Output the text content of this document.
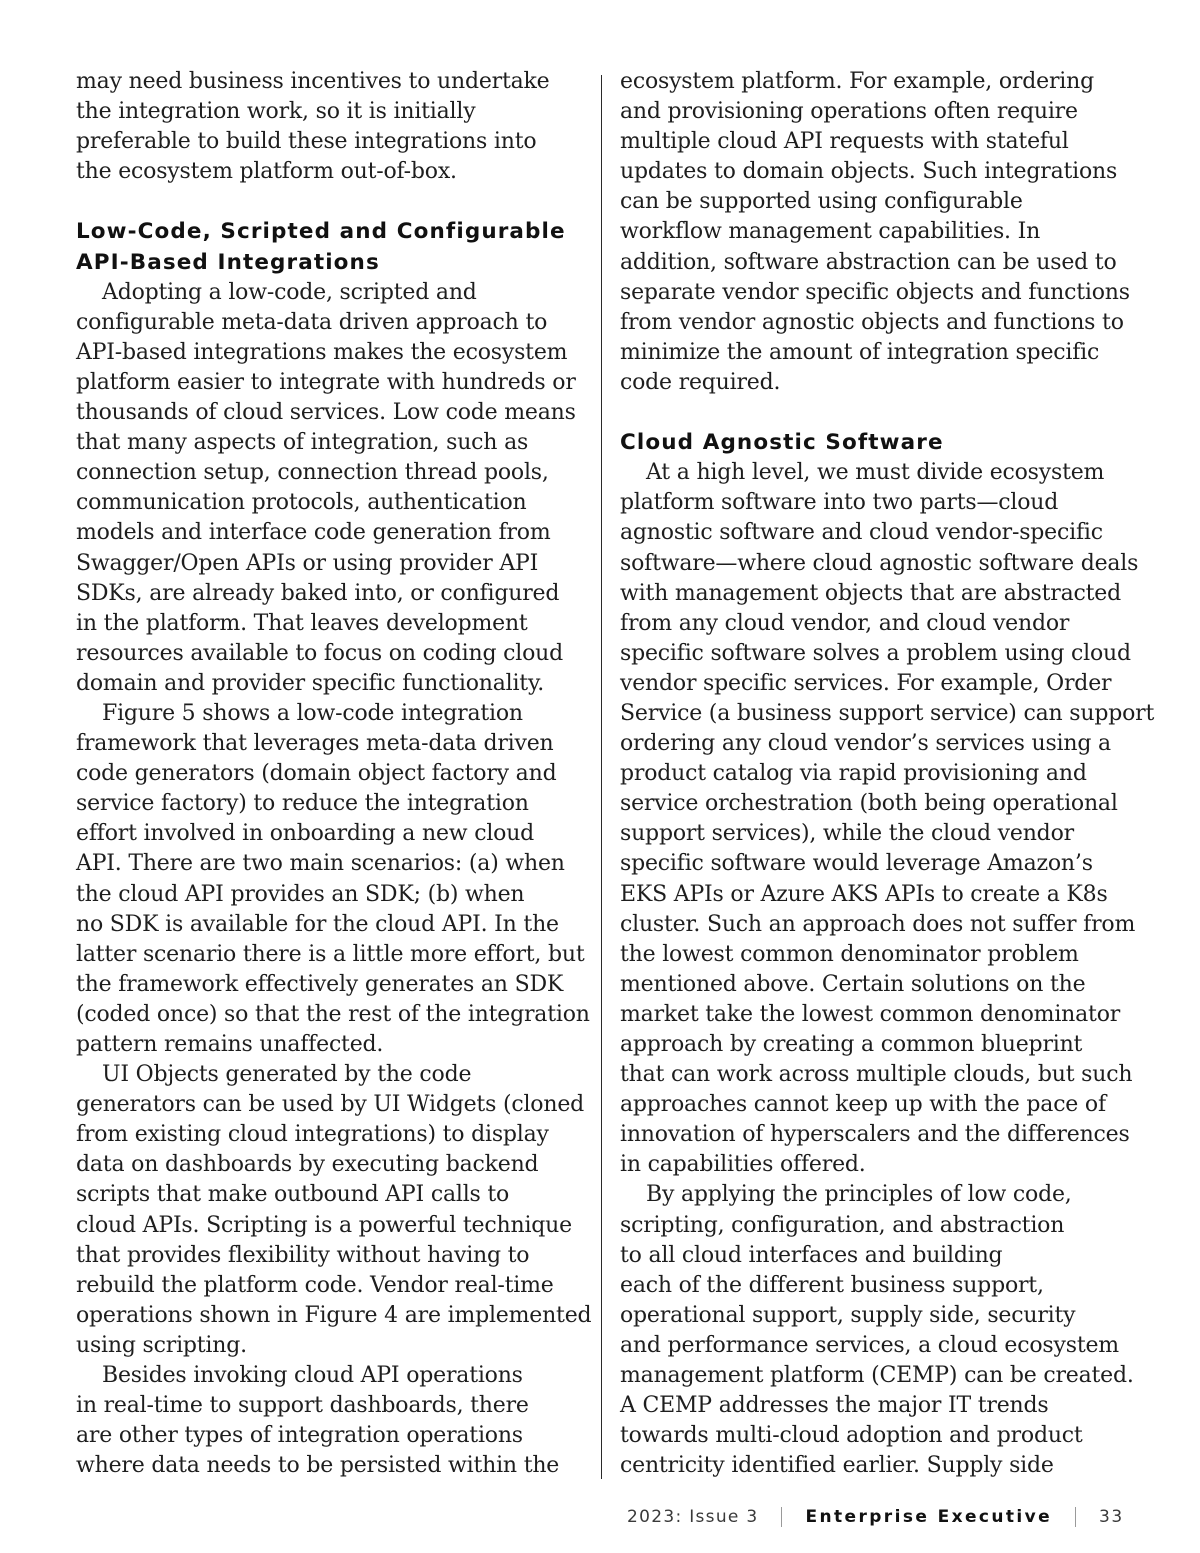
may need business incentives to undertake
the integration work, so it is initially
preferable to build these integrations into
the ecosystem platform out-of-box.
Low-Code, Scripted and Configurable
API-Based Integrations
Adopting a low-code, scripted and
configurable meta-data driven approach to
API-based integrations makes the ecosystem
platform easier to integrate with hundreds or
thousands of cloud services. Low code means
that many aspects of integration, such as
connection setup, connection thread pools,
communication protocols, authentication
models and interface code generation from
Swagger/Open APIs or using provider API
SDKs, are already baked into, or configured
in the platform. That leaves development
resources available to focus on coding cloud
domain and provider specific functionality.
Figure 5 shows a low-code integration
framework that leverages meta-data driven
code generators (domain object factory and
service factory) to reduce the integration
effort involved in onboarding a new cloud
API. There are two main scenarios: (a) when
the cloud API provides an SDK; (b) when
no SDK is available for the cloud API. In the
latter scenario there is a little more effort, but
the framework effectively generates an SDK
(coded once) so that the rest of the integration
pattern remains unaffected.
UI Objects generated by the code
generators can be used by UI Widgets (cloned
from existing cloud integrations) to display
data on dashboards by executing backend
scripts that make outbound API calls to
cloud APIs. Scripting is a powerful technique
that provides flexibility without having to
rebuild the platform code. Vendor real-time
operations shown in Figure 4 are implemented
using scripting.
Besides invoking cloud API operations
in real-time to support dashboards, there
are other types of integration operations
where data needs to be persisted within the
ecosystem platform. For example, ordering
and provisioning operations often require
multiple cloud API requests with stateful
updates to domain objects. Such integrations
can be supported using configurable
workflow management capabilities. In
addition, software abstraction can be used to
separate vendor specific objects and functions
from vendor agnostic objects and functions to
minimize the amount of integration specific
code required.
Cloud Agnostic Software
At a high level, we must divide ecosystem
platform software into two parts—cloud
agnostic software and cloud vendor-specific
software—where cloud agnostic software deals
with management objects that are abstracted
from any cloud vendor, and cloud vendor
specific software solves a problem using cloud
vendor specific services. For example, Order
Service (a business support service) can support
ordering any cloud vendor’s services using a
product catalog via rapid provisioning and
service orchestration (both being operational
support services), while the cloud vendor
specific software would leverage Amazon’s
EKS APIs or Azure AKS APIs to create a K8s
cluster. Such an approach does not suffer from
the lowest common denominator problem
mentioned above. Certain solutions on the
market take the lowest common denominator
approach by creating a common blueprint
that can work across multiple clouds, but such
approaches cannot keep up with the pace of
innovation of hyperscalers and the differences
in capabilities offered.
By applying the principles of low code,
scripting, configuration, and abstraction
to all cloud interfaces and building
each of the different business support,
operational support, supply side, security
and performance services, a cloud ecosystem
management platform (CEMP) can be created.
A CEMP addresses the major IT trends
towards multi-cloud adoption and product
centricity identified earlier. Supply side
2023: Issue 3	Enterprise Executive	33
